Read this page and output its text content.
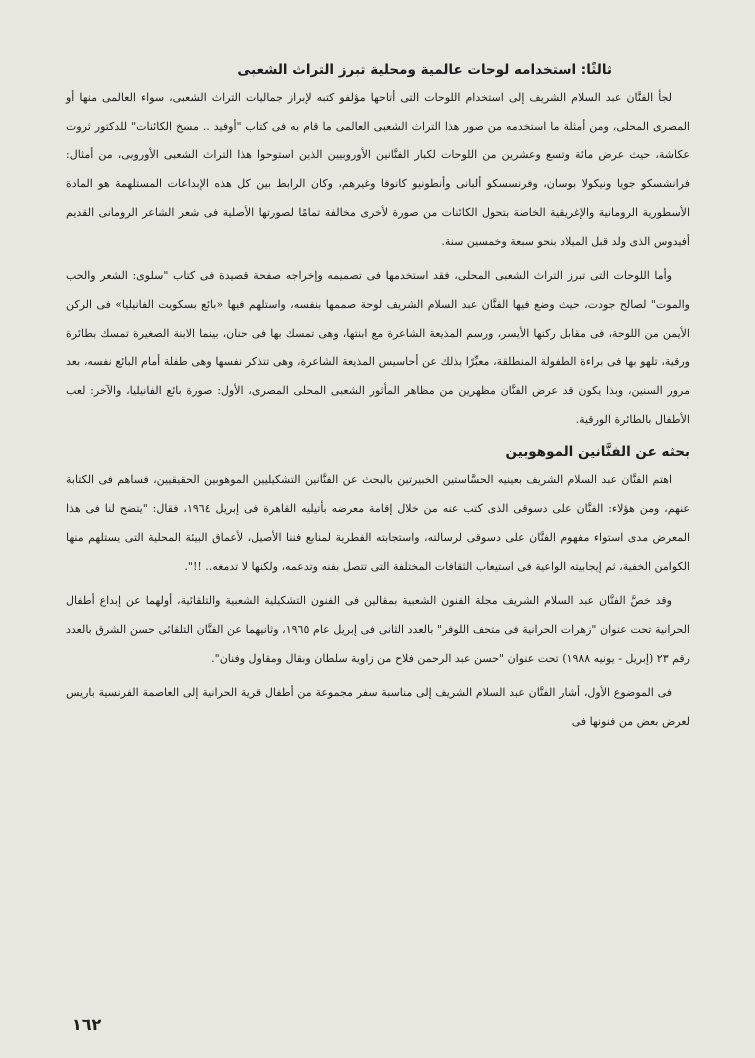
ثالثًا: استخدامه لوحات عالمية ومحلية تبرز التراث الشعبى

لجأ الفنَّان عبد السلام الشريف إلى استخدام اللوحات التى أتاحها مؤلفو كتبه لإبراز جماليات التراث الشعبى، سواء العالمى منها أو المصرى المحلى، ومن أمثلة ما استخدمه من صور هذا التراث الشعبى العالمى ما قام به فى كتاب "أوفيد .. مسخ الكائنات" للدكتور ثروت عكاشة، حيث عرض مائة وتسع وعشرين من اللوحات لكبار الفنَّانين الأوروبيين الذين استوحوا هذا التراث الشعبى الأوروبى، من أمثال: فرانشسكو جويا ونيكولا بوسان، وفرنسسكو ألبانى وأنطونيو كانوفا وغيرهم، وكان الرابط بين كل هذه الإبداعات المستلهمة هو المادة الأسطورية الرومانية والإغريقية الخاصة بتحول الكائنات من صورة لأخرى مخالفة تمامًا لصورتها الأصلية فى شعر الشاعر الرومانى القديم أفيدوس الذى ولد قبل الميلاد بنحو سبعة وخمسين سنة.

وأما اللوحات التى تبرز التراث الشعبى المحلى، فقد استخدمها فى تصميمه وإخراجه صفحة قصيدة فى كتاب "سلوى: الشعر والحب والموت" لصالح جودت، حيث وضع فيها الفنَّان عبد السلام الشريف لوحة صممها بنفسه، واستلهم فيها «بائع بسكويت الفانيليا» فى الركن الأيمن من اللوحة، فى مقابل ركنها الأيسر، ورسم المذيعة الشاعرة مع ابنتها، وهى تمسك بها فى حنان، بينما الابنة الصغيرة تمسك بطائرة ورقية، تلهو بها فى براءة الطفولة المنطلقة، معبِّرًا بذلك عن أحاسيس المذيعة الشاعرة، وهى تتذكر نفسها وهى طفلة أمام البائع نفسه، بعد مرور السنين، وبذا يكون قد عرض الفنَّان مظهرين من مظاهر المأثور الشعبى المحلى المصرى، الأول: صورة بائع الفانيليا، والآخر: لعب الأطفال بالطائرة الورقية.

بحثه عن الفنَّانين الموهوبين

اهتم الفنَّان عبد السلام الشريف بعينيه الحسَّاستين الخبيرتين بالبحث عن الفنَّانين التشكيليين الموهوبين الحقيقيين، فساهم فى الكتابة عنهم، ومن هؤلاء: الفنَّان على دسوقى الذى كتب عنه من خلال إقامة معرضه بأتيليه القاهرة فى إبريل ١٩٦٤، فقال: "يتضح لنا فى هذا المعرض مدى استواء مفهوم الفنَّان على دسوقى لرسالته، واستجابته الفطرية لمنابع فننا الأصيل، لأعماق البيئة المحلية التى يستلهم منها الكوامن الخفية، ثم إيجابيته الواعية فى استيعاب الثقافات المختلفة التى تتصل بفنه وتدعمه، ولكنها لا تدمغه.. !!".

وقد خصَّ الفنَّان عبد السلام الشريف مجلة الفنون الشعبية بمقالين فى الفنون التشكيلية الشعبية والتلقائية، أولهما عن إبداع أطفال الحرانية تحت عنوان "زهرات الحرانية فى متحف اللوفر" بالعدد الثانى فى إبريل عام ١٩٦٥، وثانيهما عن الفنَّان التلقائى حسن الشرق بالعدد رقم ٢٣ (إبريل - يونيه ١٩٨٨) تحت عنوان "حسن عبد الرحمن فلاح من زاوية سلطان وبقال ومقاول وفنان".

فى الموضوع الأول، أشار الفنَّان عبد السلام الشريف إلى مناسبة سفر مجموعة من أطفال قرية الحرانية إلى العاصمة الفرنسية باريس لعرض بعض من فنونها فى

١٦٢
